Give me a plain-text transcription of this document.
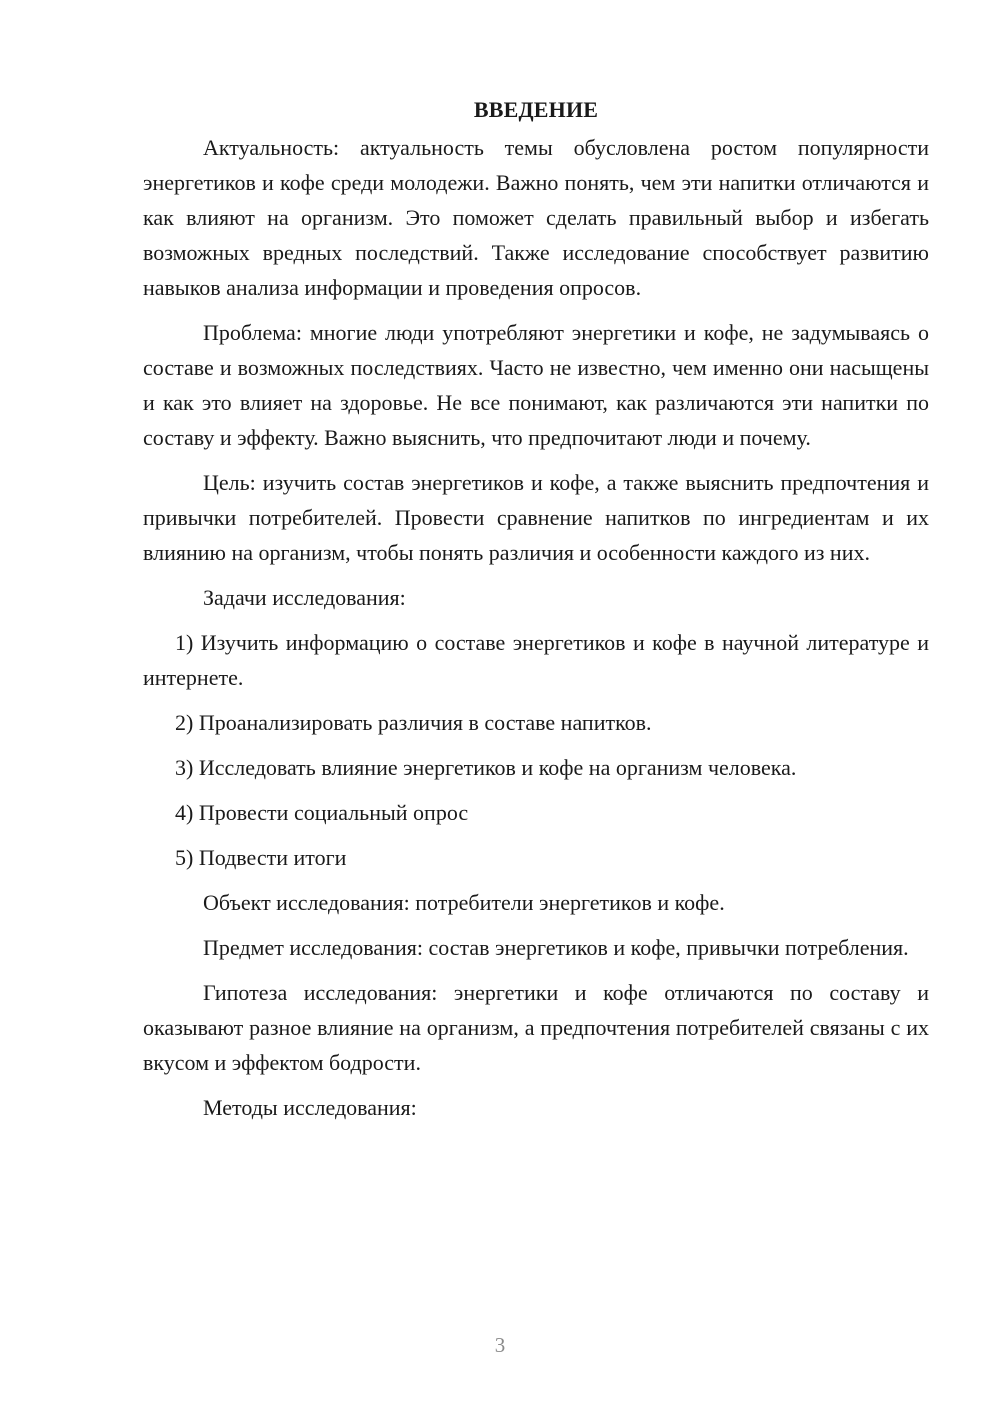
ВВЕДЕНИЕ

Актуальность: актуальность темы обусловлена ростом популярности энергетиков и кофе среди молодежи. Важно понять, чем эти напитки отличаются и как влияют на организм. Это поможет сделать правильный выбор и избегать возможных вредных последствий. Также исследование способствует развитию навыков анализа информации и проведения опросов.

Проблема: многие люди употребляют энергетики и кофе, не задумываясь о составе и возможных последствиях. Часто не известно, чем именно они насыщены и как это влияет на здоровье. Не все понимают, как различаются эти напитки по составу и эффекту. Важно выяснить, что предпочитают люди и почему.

Цель: изучить состав энергетиков и кофе, а также выяснить предпочтения и привычки потребителей. Провести сравнение напитков по ингредиентам и их влиянию на организм, чтобы понять различия и особенности каждого из них.

Задачи исследования:

1) Изучить информацию о составе энергетиков и кофе в научной литературе и интернете.

2) Проанализировать различия в составе напитков.

3) Исследовать влияние энергетиков и кофе на организм человека.

4) Провести социальный опрос

5) Подвести итоги

Объект исследования: потребители энергетиков и кофе.

Предмет исследования: состав энергетиков и кофе, привычки потребления.

Гипотеза исследования: энергетики и кофе отличаются по составу и оказывают разное влияние на организм, а предпочтения потребителей связаны с их вкусом и эффектом бодрости.

Методы исследования:

3
